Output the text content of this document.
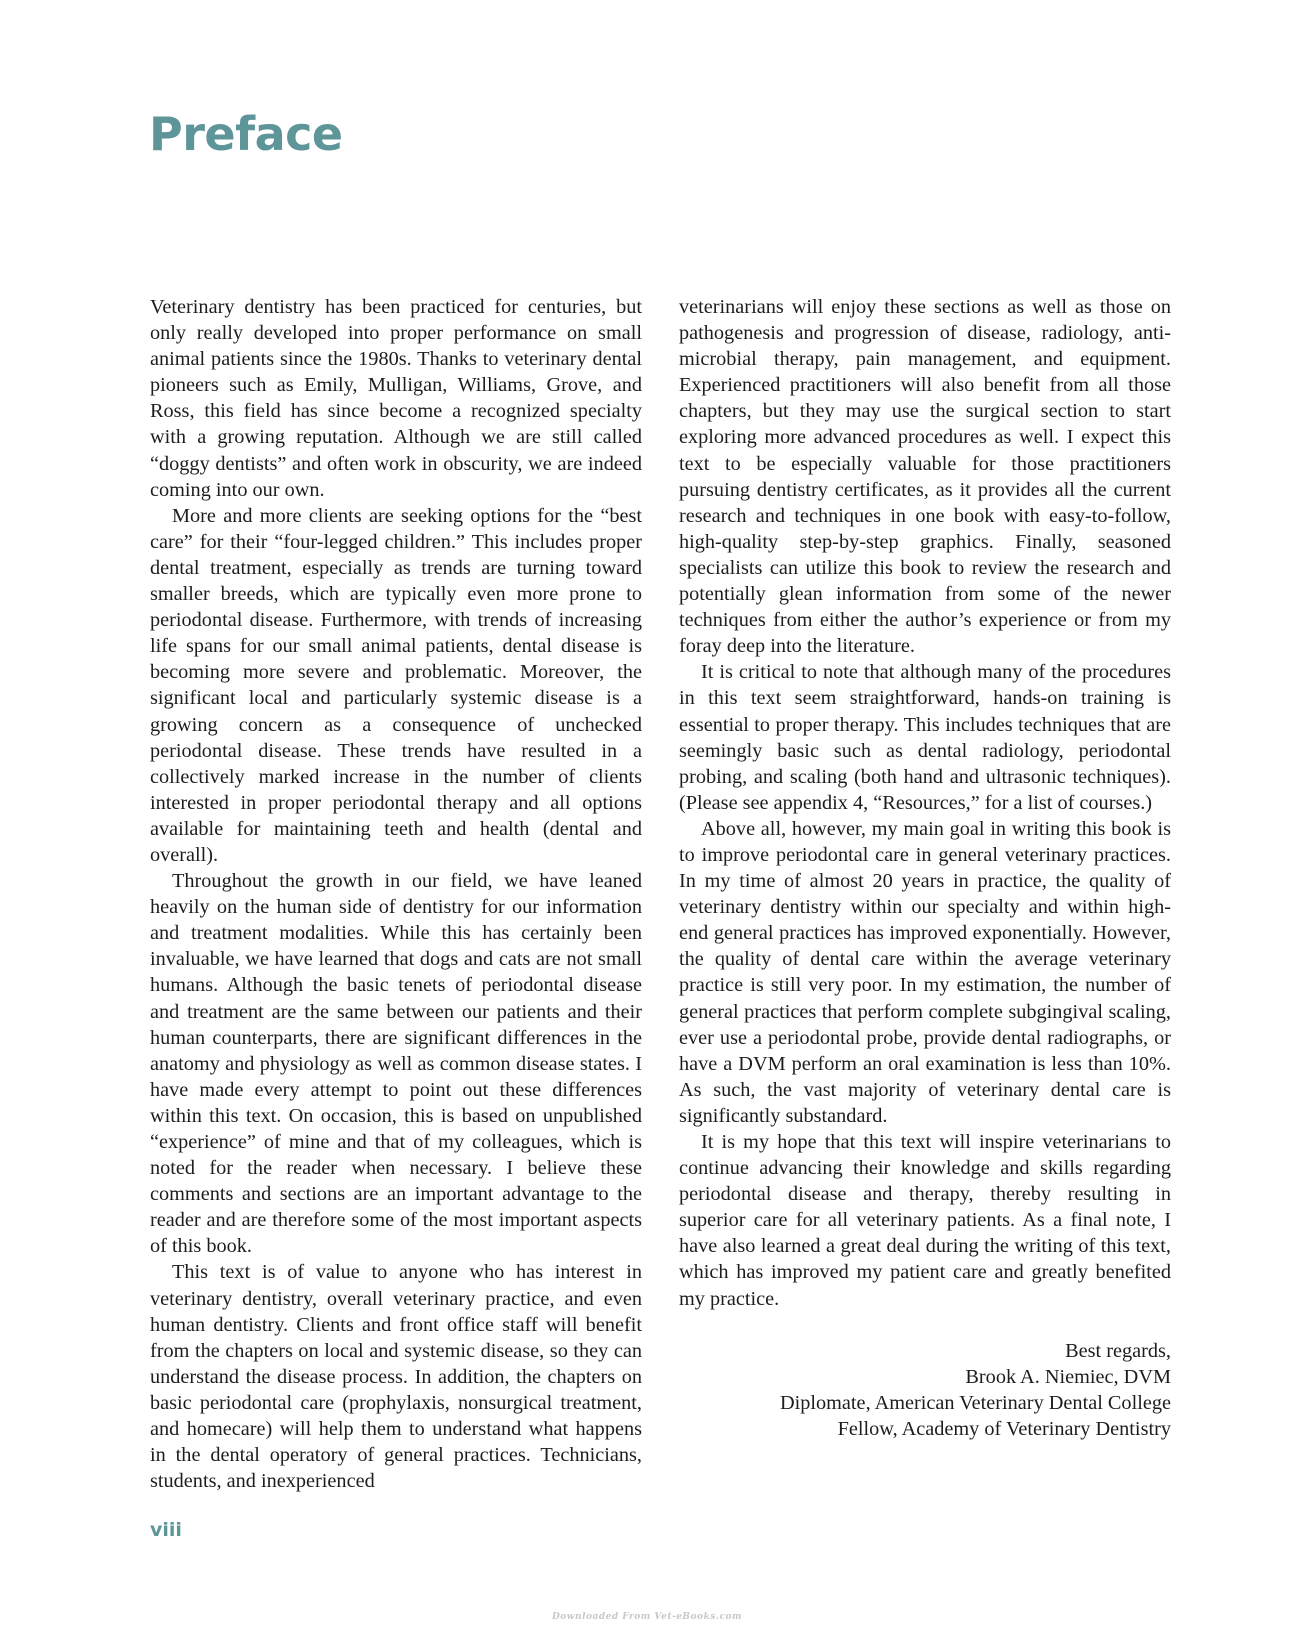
Preface

Veterinary dentistry has been practiced for centuries, but only really developed into proper performance on small animal patients since the 1980s. Thanks to veterinary dental pioneers such as Emily, Mulligan, Williams, Grove, and Ross, this field has since become a recognized specialty with a growing reputation. Although we are still called “doggy dentists” and often work in obscurity, we are indeed coming into our own.

More and more clients are seeking options for the “best care” for their “four-legged children.” This includes proper dental treatment, especially as trends are turning toward smaller breeds, which are typically even more prone to periodontal disease. Furthermore, with trends of increasing life spans for our small animal patients, dental disease is becoming more severe and problematic. Moreover, the significant local and particularly systemic disease is a growing concern as a consequence of unchecked periodontal disease. These trends have resulted in a collectively marked increase in the number of clients interested in proper periodontal therapy and all options available for maintaining teeth and health (dental and overall).

Throughout the growth in our field, we have leaned heavily on the human side of dentistry for our information and treatment modalities. While this has certainly been invaluable, we have learned that dogs and cats are not small humans. Although the basic tenets of periodontal disease and treatment are the same between our patients and their human counterparts, there are significant differences in the anatomy and physiology as well as common disease states. I have made every attempt to point out these differences within this text. On occasion, this is based on unpublished “experience” of mine and that of my colleagues, which is noted for the reader when necessary. I believe these comments and sections are an important advantage to the reader and are therefore some of the most important aspects of this book.

This text is of value to anyone who has interest in veterinary dentistry, overall veterinary practice, and even human dentistry. Clients and front office staff will benefit from the chapters on local and systemic disease, so they can understand the disease process. In addition, the chapters on basic periodontal care (prophylaxis, nonsurgical treatment, and homecare) will help them to understand what happens in the dental operatory of general practices. Technicians, students, and inexperienced

veterinarians will enjoy these sections as well as those on pathogenesis and progression of disease, radiology, antimicrobial therapy, pain management, and equipment. Experienced practitioners will also benefit from all those chapters, but they may use the surgical section to start exploring more advanced procedures as well. I expect this text to be especially valuable for those practitioners pursuing dentistry certificates, as it provides all the current research and techniques in one book with easy-to-follow, high-quality step-by-step graphics. Finally, seasoned specialists can utilize this book to review the research and potentially glean information from some of the newer techniques from either the author’s experience or from my foray deep into the literature.

It is critical to note that although many of the procedures in this text seem straightforward, hands-on training is essential to proper therapy. This includes techniques that are seemingly basic such as dental radiology, periodontal probing, and scaling (both hand and ultrasonic techniques). (Please see appendix 4, “Resources,” for a list of courses.)

Above all, however, my main goal in writing this book is to improve periodontal care in general veterinary practices. In my time of almost 20 years in practice, the quality of veterinary dentistry within our specialty and within high-end general practices has improved exponentially. However, the quality of dental care within the average veterinary practice is still very poor. In my estimation, the number of general practices that perform complete subgingival scaling, ever use a periodontal probe, provide dental radiographs, or have a DVM perform an oral examination is less than 10%. As such, the vast majority of veterinary dental care is significantly substandard.

It is my hope that this text will inspire veterinarians to continue advancing their knowledge and skills regarding periodontal disease and therapy, thereby resulting in superior care for all veterinary patients. As a final note, I have also learned a great deal during the writing of this text, which has improved my patient care and greatly benefited my practice.

Best regards,
Brook A. Niemiec, DVM
Diplomate, American Veterinary Dental College
Fellow, Academy of Veterinary Dentistry
viii
Downloaded From Vet-eBooks.com
